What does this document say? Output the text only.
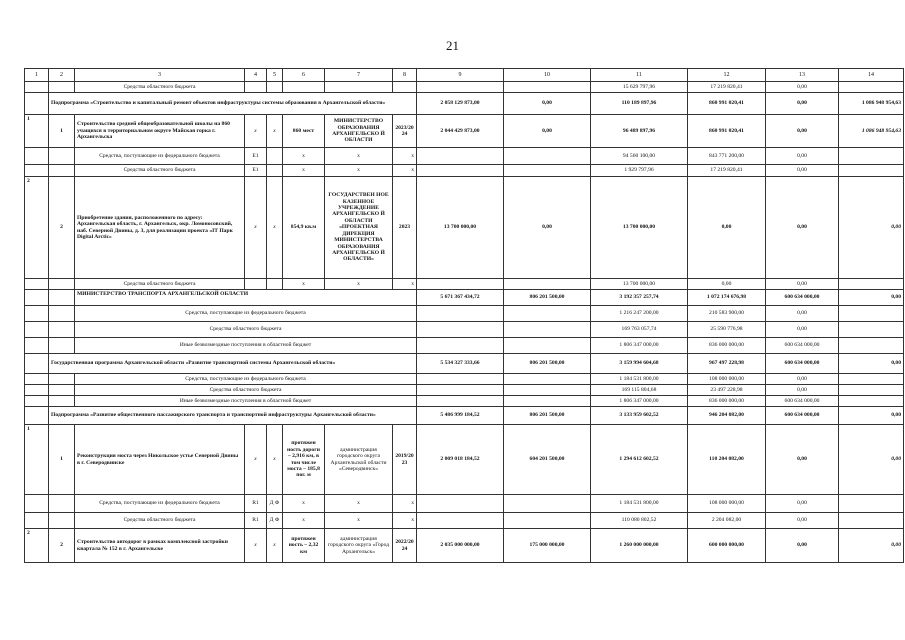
21
1	2	3	4	5	6	7	8	9	10	11	12	13	14
		Средства областного бюджета								15 629 797,96	17 219 820,41	0,00	
	Подпрограмма «Строительство и капитальный ремонт объектов инфраструктуры системы образования в Архангельской области»							2 058 129 873,00	0,00	110 189 897,96	860 991 020,41	0,00	1 086 948 954,63
1	1	Строительство средней общеобразовательной школы на 860 учащихся в территориальном округе Майская горка г. Архангельска	x	x	860 мест	МИНИСТЕРСТВО ОБРАЗОВАНИЯ АРХАНГЕЛЬСКО Й ОБЛАСТИ	2023/20 24	2 044 429 873,00	0,00	96 489 897,96	860 991 020,41	0,00	1 086 948 954,63
		Средства, поступающие из федерального бюджета	E1		x	x	x			94 560 100,00	843 771 200,00	0,00	
		Средства областного бюджета	E1		x	x	x			1 929 797,96	17 219 820,41	0,00	
2	2	Приобретение здания, расположенного по адресу: Архангельская область, г. Архангельск, окр. Ломоносовский, наб. Северной Двины, д. 3, для реализации проекта «IT Парк Digital Arctic»	x	x	854,9 кв.м	ГОСУДАРСТВЕН НОЕ КАЗЕННОЕ УЧРЕЖДЕНИЕ АРХАНГЕЛЬСКО Й ОБЛАСТИ «ПРОЕКТНАЯ ДИРЕКЦИЯ МИНИСТЕРСТВА ОБРАЗОВАНИЯ АРХАНГЕЛЬСКО Й ОБЛАСТИ»	2023	13 700 000,00	0,00	13 700 000,00	0,00	0,00	0,00
		Средства областного бюджета			x	x	x			13 700 000,00	0,00	0,00	
		МИНИСТЕРСТВО ТРАНСПОРТА АРХАНГЕЛЬСКОЙ ОБЛАСТИ						5 671 367 434,72	806 201 500,00	3 192 357 257,74	1 072 174 676,98	600 634 000,00	0,00
		Средства, поступающие из федерального бюджета								1 216 247 200,00	210 583 900,00	0,00	
		Средства областного бюджета								169 763 057,74	25 590 776,98	0,00	
		Иные безвозмездные поступления в областной бюджет								1 806 347 000,00	836 000 000,00	600 634 000,00	
	Государственная программа Архангельской области «Развитие транспортной системы Архангельской области»							5 534 327 333,66	806 201 500,00	3 159 994 604,68	967 497 228,98	600 634 000,00	0,00
		Средства, поступающие из федерального бюджета								1 184 531 800,00	108 000 000,00	0,00	
		Средства областного бюджета								169 115 804,68	23 497 228,98	0,00	
		Иные безвозмездные поступления в областной бюджет								1 806 347 000,00	836 000 000,00	600 634 000,00	
	Подпрограмма «Развитие общественного пассажирского транспорта и транспортной инфраструктуры Архангельской области»							5 486 999 184,52	806 201 500,00	3 133 959 602,52	946 204 082,00	600 634 000,00	0,00
1	1	Реконструкция моста через Никольское устье Северной Двины в г. Северодвинске	x	x	протяжен ность дороги – 2,916 км, в том числе моста – 185,8 пог. м	администрация городского округа Архангельской области «Северодвинск»	2019/20 23	2 009 018 184,52	604 201 500,00	1 294 612 602,52	110 204 082,00	0,00	0,00
		Средства, поступающие из федерального бюджета	R1	Д Ф	x	x	x			1 184 531 800,00	108 000 000,00	0,00	
		Средства областного бюджета	R1	Д Ф	x	x	x			110 080 802,52	2 204 082,00	0,00	
2	2	Строительство автодорог в рамках комплексной застройки квартала № 152 в г. Архангельске	x	x	протяжен ность – 2,32 км	администрация городского округа «Город Архангельск»	2022/20 24	2 035 000 000,00	175 000 000,00	1 260 000 000,00	600 000 000,00	0,00	0,00
